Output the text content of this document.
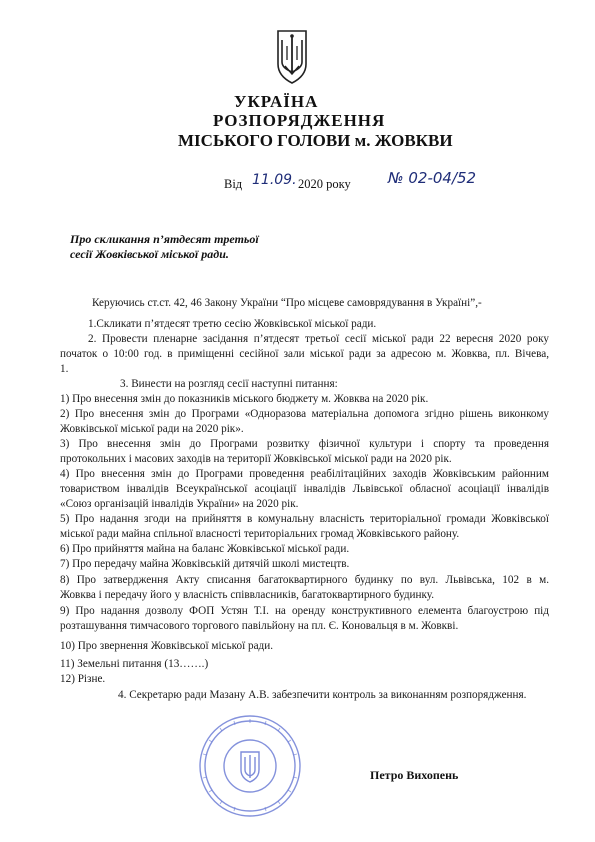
УКРАЇНА
РОЗПОРЯДЖЕННЯ
МІСЬКОГО ГОЛОВИ м. ЖОВКВИ
Від 11.09. 2020 року № 02-04/52
Про скликання п’ятдесят третьої
сесії Жовківської міської ради.
Керуючись ст.ст. 42, 46 Закону України “Про місцеве самоврядування в Україні”,-
1.Скликати п’ятдесят третю сесію Жовківської міської ради.
2. Провести пленарне засідання п’ятдесят третьої сесії міської ради 22 вересня 2020 року
початок о 10:00 год. в приміщенні сесійної зали міської ради за адресою м. Жовква, пл. Вічева,
1.
3. Винести на розгляд сесії наступні питання:
1) Про внесення змін до показників міського бюджету м. Жовква на 2020 рік.
2) Про внесення змін до Програми «Одноразова матеріальна допомога згідно рішень виконкому
Жовківської міської ради на 2020 рік».
3) Про внесення змін до Програми розвитку фізичної культури і спорту та проведення
протокольних і масових заходів на території Жовківської міської ради на 2020 рік.
4) Про внесення змін до Програми проведення реабілітаційних заходів Жовківським районним
товариством інвалідів Всеукраїнської асоціації інвалідів Львівської обласної асоціації інвалідів
«Союз організацій інвалідів України» на 2020 рік.
5) Про надання згоди на прийняття в комунальну власність територіальної громади Жовківської
міської ради майна спільної власності територіальних громад Жовківського району.
6) Про прийняття майна на баланс Жовківської міської ради.
7) Про передачу майна Жовківській дитячій школі мистецтв.
8) Про затвердження Акту списання багатоквартирного будинку по вул. Львівська, 102 в м.
Жовква і передачу його у власність співвласників, багатоквартирного будинку.
9) Про надання дозволу ФОП Устян Т.І. на оренду конструктивного елемента благоустрою під
розташування тимчасового торгового павільйону на пл. Є. Коновальця в м. Жовкві.
10) Про звернення Жовківської міської ради.
11) Земельні питання (13…….)
12) Різне.
4. Секретарю ради Мазану А.В. забезпечити контроль за виконанням розпорядження.
Петро Вихопень
